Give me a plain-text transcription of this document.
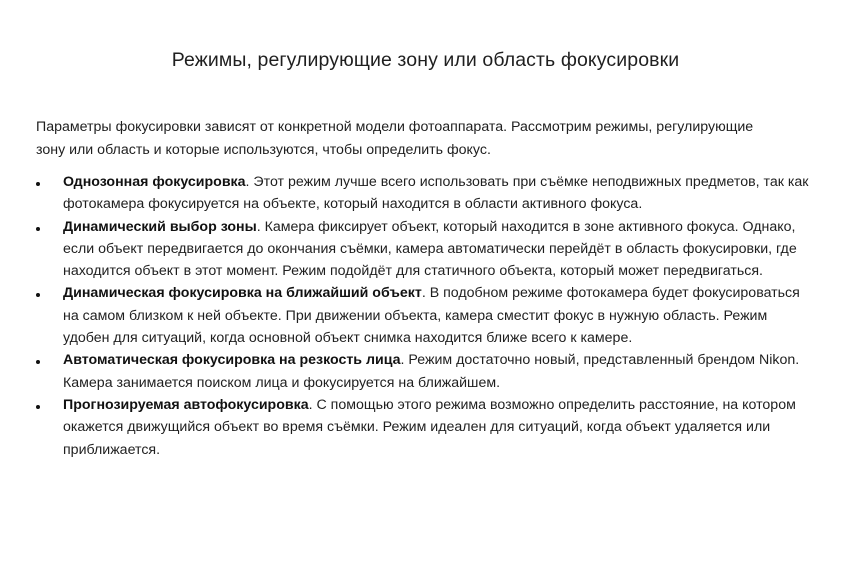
Режимы, регулирующие зону или область фокусировки

Параметры фокусировки зависят от конкретной модели фотоаппарата. Рассмотрим режимы, регулирующие зону или область и которые используются, чтобы определить фокус.

Однозонная фокусировка. Этот режим лучше всего использовать при съёмке неподвижных предметов, так как фотокамера фокусируется на объекте, который находится в области активного фокуса.
Динамический выбор зоны. Камера фиксирует объект, который находится в зоне активного фокуса. Однако, если объект передвигается до окончания съёмки, камера автоматически перейдёт в область фокусировки, где находится объект в этот момент. Режим подойдёт для статичного объекта, который может передвигаться.
Динамическая фокусировка на ближайший объект. В подобном режиме фотокамера будет фокусироваться на самом близком к ней объекте. При движении объекта, камера сместит фокус в нужную область. Режим удобен для ситуаций, когда основной объект снимка находится ближе всего к камере.
Автоматическая фокусировка на резкость лица. Режим достаточно новый, представленный брендом Nikon. Камера занимается поиском лица и фокусируется на ближайшем.
Прогнозируемая автофокусировка. С помощью этого режима возможно определить расстояние, на котором окажется движущийся объект во время съёмки. Режим идеален для ситуаций, когда объект удаляется или приближается.
